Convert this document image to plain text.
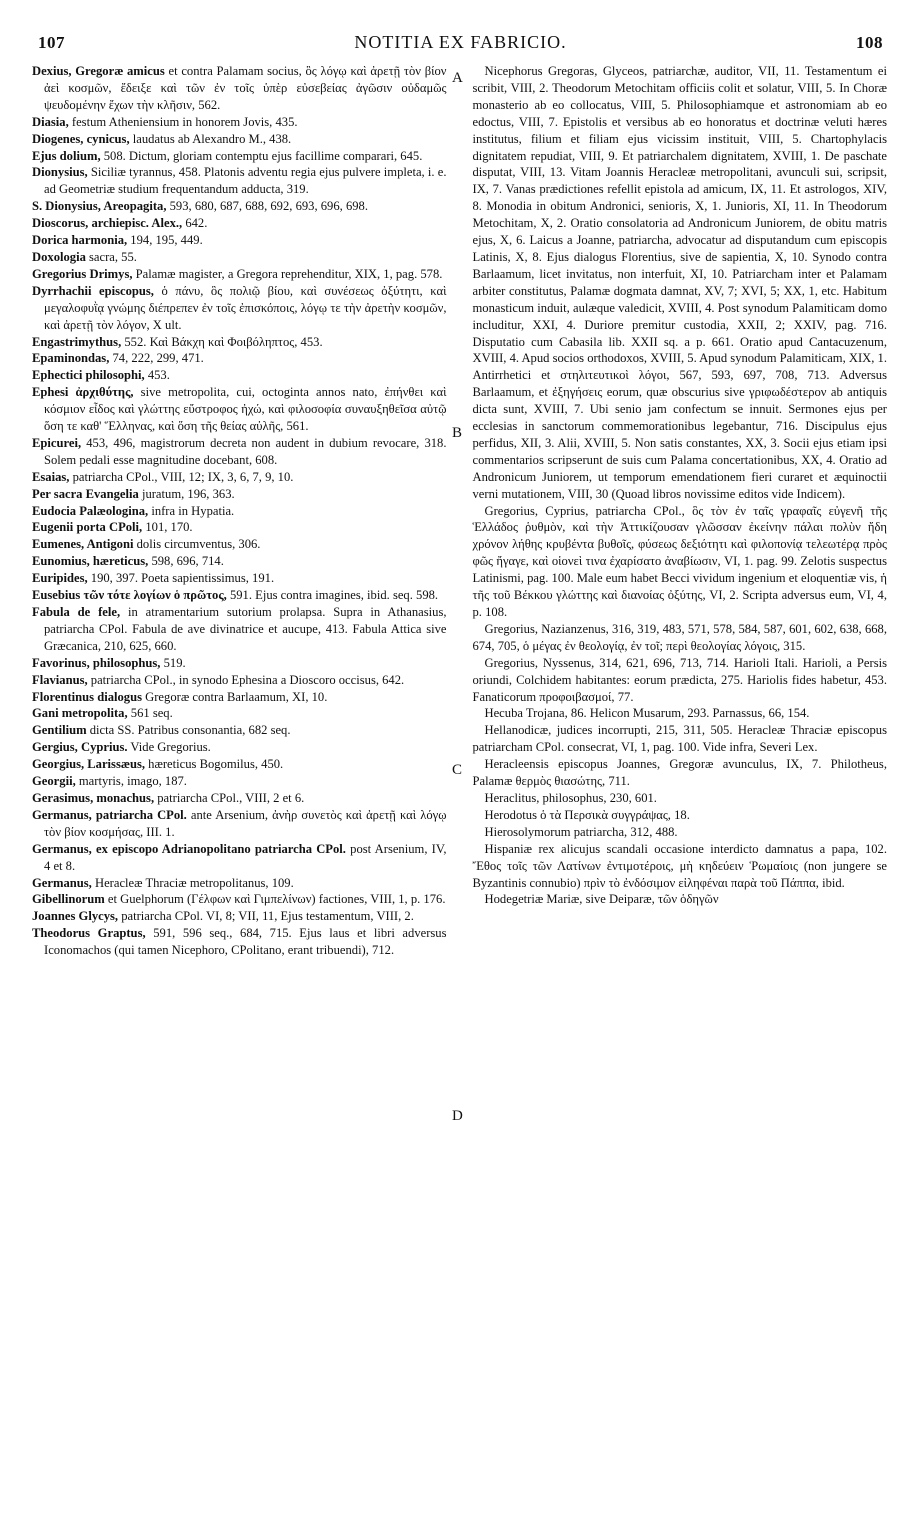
107	NOTITIA EX FABRICIO.	108
A
B
C
D

Dexius, Gregoræ amicus et contra Palamam socius, ὃς λόγῳ καὶ ἀρετῇ τὸν βίον ἀεὶ κοσμῶν, ἔδειξε καὶ τῶν ἐν τοῖς ὑπὲρ εὐσεβείας ἀγῶσιν οὐδαμῶς ψευδομένην ἔχων τὴν κλῆσιν, 562.

Diasia, festum Atheniensium in honorem Jovis, 435.

Diogenes, cynicus, laudatus ab Alexandro M., 438.

Ejus dolium, 508. Dictum, gloriam contemptu ejus facillime comparari, 645.

Dionysius, Siciliæ tyrannus, 458. Platonis adventu regia ejus pulvere impleta, i. e. ad Geometriæ studium frequentandum adducta, 319.

S. Dionysius, Areopagita, 593, 680, 687, 688, 692, 693, 696, 698.

Dioscorus, archiepisc. Alex., 642.

Dorica harmonia, 194, 195, 449.

Doxologia sacra, 55.

Gregorius Drimys, Palamæ magister, a Gregora reprehenditur, XIX, 1, pag. 578.

Dyrrhachii episcopus, ὁ πάνυ, ὃς πολιῷ βίου, καὶ συνέσεως ὀξύτητι, καὶ μεγαλοφυῒᾳ γνώμης διέπρεπεν ἐν τοῖς ἐπισκόποις, λόγῳ τε τὴν ἀρετὴν κοσμῶν, καὶ ἀρετῇ τὸν λόγον, X ult.

Engastrimythus, 552. Καὶ Βάκχη καὶ Φοιβόληπτος, 453.

Epaminondas, 74, 222, 299, 471.

Ephectici philosophi, 453.

Ephesi ἀρχιθύτης, sive metropolita, cui, octoginta annos nato, ἐπήνθει καὶ κόσμιον εἶδος καὶ γλώττης εὔστροφος ἠχώ, καὶ φιλοσοφία συναυξηθεῖσα αὐτῷ ὅση τε καθ' Ἕλληνας, καὶ ὅση τῆς θείας αὐλῆς, 561.

Epicurei, 453, 496, magistrorum decreta non audent in dubium revocare, 318. Solem pedali esse magnitudine docebant, 608.

Esaias, patriarcha CPol., VIII, 12; IX, 3, 6, 7, 9, 10.

Per sacra Evangelia juratum, 196, 363.

Eudocia Palæologina, infra in Hypatia.

Eugenii porta CPoli, 101, 170.

Eumenes, Antigoni dolis circumventus, 306.

Eunomius, hæreticus, 598, 696, 714.

Euripides, 190, 397. Poeta sapientissimus, 191.

Eusebius τῶν τότε λογίων ὁ πρῶτος, 591. Ejus contra imagines, ibid. seq. 598.

Fabula de fele, in atramentarium sutorium prolapsa. Supra in Athanasius, patriarcha CPol. Fabula de ave divinatrice et aucupe, 413. Fabula Attica sive Græcanica, 210, 625, 660.

Favorinus, philosophus, 519.

Flavianus, patriarcha CPol., in synodo Ephesina a Dioscoro occisus, 642.

Florentinus dialogus Gregoræ contra Barlaamum, XI, 10.

Gani metropolita, 561 seq.

Gentilium dicta SS. Patribus consonantia, 682 seq.

Gergius, Cyprius. Vide Gregorius.

Georgius, Larissæus, hæreticus Bogomilus, 450.

Georgii, martyris, imago, 187.

Gerasimus, monachus, patriarcha CPol., VIII, 2 et 6.

Germanus, patriarcha CPol. ante Arsenium, ἀνὴρ συνετὸς καὶ ἀρετῇ καὶ λόγῳ τὸν βίον κοσμήσας, III. 1.

Germanus, ex episcopo Adrianopolitano patriarcha CPol. post Arsenium, IV, 4 et 8.

Germanus, Heracleæ Thraciæ metropolitanus, 109.

Gibellinorum et Guelphorum (Γέλφων καὶ Γιμπελίνων) factiones, VIII, 1, p. 176.

Joannes Glycys, patriarcha CPol. VI, 8; VII, 11, Ejus testamentum, VIII, 2.

Theodorus Graptus, 591, 596 seq., 684, 715. Ejus laus et libri adversus Iconomachos (qui tamen Nicephoro, CPolitano, erant tribuendi), 712.

Nicephorus Gregoras, Glyceos, patriarchæ, auditor, VII, 11. Testamentum ei scribit, VIII, 2. Theodorum Metochitam officiis colit et solatur, VIII, 5. In Choræ monasterio ab eo collocatus, VIII, 5. Philosophiamque et astronomiam ab eo edoctus, VIII, 7. Epistolis et versibus ab eo honoratus et doctrinæ veluti hæres institutus, filium et filiam ejus vicissim instituit, VIII, 5. Chartophylacis dignitatem repudiat, VIII, 9. Et patriarchalem dignitatem, XVIII, 1. De paschate disputat, VIII, 13. Vitam Joannis Heracleæ metropolitani, avunculi sui, scripsit, IX, 7. Vanas prædictiones refellit epistola ad amicum, IX, 11. Et astrologos, XIV, 8. Monodia in obitum Andronici, senioris, X, 1. Junioris, XI, 11. In Theodorum Metochitam, X, 2. Oratio consolatoria ad Andronicum Juniorem, de obitu matris ejus, X, 6. Laicus a Joanne, patriarcha, advocatur ad disputandum cum episcopis Latinis, X, 8. Ejus dialogus Florentius, sive de sapientia, X, 10. Synodo contra Barlaamum, licet invitatus, non interfuit, XI, 10. Patriarcham inter et Palamam arbiter constitutus, Palamæ dogmata damnat, XV, 7; XVI, 5; XX, 1, etc. Habitum monasticum induit, aulæque valedicit, XVIII, 4. Post synodum Palamiticam domo includitur, XXI, 4. Duriore premitur custodia, XXII, 2; XXIV, pag. 716. Disputatio cum Cabasila lib. XXII sq. a p. 661. Oratio apud Cantacuzenum, XVIII, 4. Apud socios orthodoxos, XVIII, 5. Apud synodum Palamiticam, XIX, 1. Antirrhetici et στηλιτευτικοὶ λόγοι, 567, 593, 697, 708, 713. Adversus Barlaamum, et ἐξηγήσεις eorum, quæ obscurius sive γριφωδέστερον ab antiquis dicta sunt, XVIII, 7. Ubi senio jam confectum se innuit. Sermones ejus per ecclesias in sanctorum commemorationibus legebantur, 716. Discipulus ejus perfidus, XII, 3. Alii, XVIII, 5. Non satis constantes, XX, 3. Socii ejus etiam ipsi commentarios scripserunt de suis cum Palama concertationibus, XX, 4. Oratio ad Andronicum Juniorem, ut temporum emendationem fieri curaret et æquinoctii verni mutationem, VIII, 30 (Quoad libros novissime editos vide Indicem).

Gregorius, Cyprius, patriarcha CPol., ὃς τὸν ἐν ταῖς γραφαῖς εὐγενῆ τῆς Ἑλλάδος ῥυθμὸν, καὶ τὴν Ἀττικίζουσαν γλῶσσαν ἐκείνην πάλαι πολὺν ἤδη χρόνον λήθης κρυβέντα βυθοῖς, φύσεως δεξιότητι καὶ φιλοπονίᾳ τελεωτέρᾳ πρὸς φῶς ἤγαγε, καὶ οἱονεὶ τινα ἐχαρίσατο ἀναβίωσιν, VI, 1. pag. 99. Zelotis suspectus Latinismi, pag. 100. Male eum habet Becci vividum ingenium et eloquentiæ vis, ἡ τῆς τοῦ Βέκκου γλώττης καὶ διανοίας ὀξύτης, VI, 2. Scripta adversus eum, VI, 4, p. 108.

Gregorius, Nazianzenus, 316, 319, 483, 571, 578, 584, 587, 601, 602, 638, 668, 674, 705, ὁ μέγας ἐν θεολογίᾳ, ἐν τοῖ; περὶ θεολογίας λόγοις, 315.

Gregorius, Nyssenus, 314, 621, 696, 713, 714. Harioli Itali. Harioli, a Persis oriundi, Colchidem habitantes: eorum prædicta, 275. Hariolis fides habetur, 453. Fanaticorum προφοιβασμοί, 77.

Hecuba Trojana, 86. Helicon Musarum, 293. Parnassus, 66, 154.

Hellanodicæ, judices incorrupti, 215, 311, 505. Heracleæ Thraciæ episcopus patriarcham CPol. consecrat, VI, 1, pag. 100. Vide infra, Severi Lex.

Heracleensis episcopus Joannes, Gregoræ avunculus, IX, 7. Philotheus, Palamæ θερμὸς θιασώτης, 711.

Heraclitus, philosophus, 230, 601.

Herodotus ὁ τὰ Περσικὰ συγγράψας, 18.

Hierosolymorum patriarcha, 312, 488.

Hispaniæ rex alicujus scandali occasione interdicto damnatus a papa, 102. Ἔθος τοῖς τῶν Λατίνων ἐντιμοτέροις, μὴ κηδεύειν Ῥωμαίοις (non jungere se Byzantinis connubio) πρὶν τὸ ἐνδόσιμον εἰληφέναι παρὰ τοῦ Πάππα, ibid.

Hodegetriæ Mariæ, sive Deiparæ, τῶν ὁδηγῶν
